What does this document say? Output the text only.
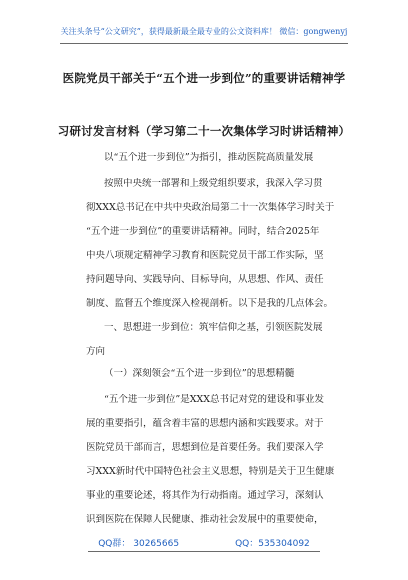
关注头条号“公文研究”，获得最新最全最专业的公文资料库！ 微信：gongwenyj
医院党员干部关于“五个进一步到位”的重要讲话精神学
习研讨发言材料（学习第二十一次集体学习时讲话精神）
以“五个进一步到位”为指引，推动医院高质量发展
按照中央统一部署和上级党组织要求，我深入学习贯
彻XXX总书记在中共中央政治局第二十一次集体学习时关于
“五个进一步到位”的重要讲话精神。同时，结合2025年
中央八项规定精神学习教育和医院党员干部工作实际，坚
持问题导向、实践导向、目标导向，从思想、作风、责任
制度、监督五个维度深入检视剖析。以下是我的几点体会。
一、思想进一步到位：筑牢信仰之基，引领医院发展
方向
（一）深刻领会“五个进一步到位”的思想精髓
“五个进一步到位”是XXX总书记对党的建设和事业发
展的重要指引，蕴含着丰富的思想内涵和实践要求。对于
医院党员干部而言，思想到位是首要任务。我们要深入学
习XXX新时代中国特色社会主义思想，特别是关于卫生健康
事业的重要论述，将其作为行动指南。通过学习，深刻认
QQ群： 30265665	QQ：535304092
识到医院在保障人民健康、推动社会发展中的重要使命，
